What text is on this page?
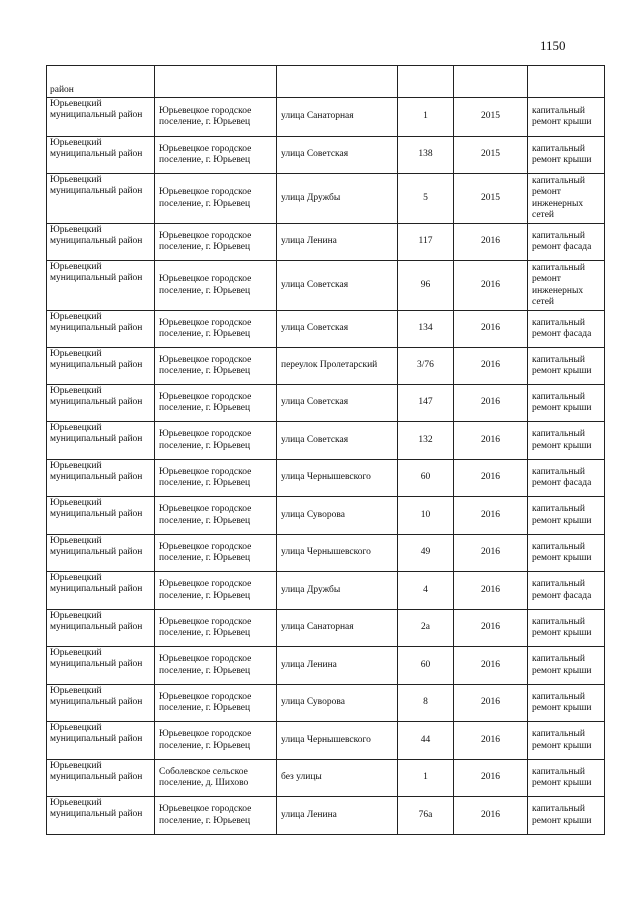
1150
район					
Юрьевецкий муниципальный район	Юрьевецкое городское поселение, г. Юрьевец	улица Санаторная	1	2015	капитальный ремонт крыши
Юрьевецкий муниципальный район	Юрьевецкое городское поселение, г. Юрьевец	улица Советская	138	2015	капитальный ремонт крыши
Юрьевецкий муниципальный район	Юрьевецкое городское поселение, г. Юрьевец	улица Дружбы	5	2015	капитальный ремонт инженерных сетей
Юрьевецкий муниципальный район	Юрьевецкое городское поселение, г. Юрьевец	улица Ленина	117	2016	капитальный ремонт фасада
Юрьевецкий муниципальный район	Юрьевецкое городское поселение, г. Юрьевец	улица Советская	96	2016	капитальный ремонт инженерных сетей
Юрьевецкий муниципальный район	Юрьевецкое городское поселение, г. Юрьевец	улица Советская	134	2016	капитальный ремонт фасада
Юрьевецкий муниципальный район	Юрьевецкое городское поселение, г. Юрьевец	переулок Пролетарский	3/76	2016	капитальный ремонт крыши
Юрьевецкий муниципальный район	Юрьевецкое городское поселение, г. Юрьевец	улица Советская	147	2016	капитальный ремонт крыши
Юрьевецкий муниципальный район	Юрьевецкое городское поселение, г. Юрьевец	улица Советская	132	2016	капитальный ремонт крыши
Юрьевецкий муниципальный район	Юрьевецкое городское поселение, г. Юрьевец	улица Чернышевского	60	2016	капитальный ремонт фасада
Юрьевецкий муниципальный район	Юрьевецкое городское поселение, г. Юрьевец	улица Суворова	10	2016	капитальный ремонт крыши
Юрьевецкий муниципальный район	Юрьевецкое городское поселение, г. Юрьевец	улица Чернышевского	49	2016	капитальный ремонт крыши
Юрьевецкий муниципальный район	Юрьевецкое городское поселение, г. Юрьевец	улица Дружбы	4	2016	капитальный ремонт фасада
Юрьевецкий муниципальный район	Юрьевецкое городское поселение, г. Юрьевец	улица Санаторная	2а	2016	капитальный ремонт крыши
Юрьевецкий муниципальный район	Юрьевецкое городское поселение, г. Юрьевец	улица Ленина	60	2016	капитальный ремонт крыши
Юрьевецкий муниципальный район	Юрьевецкое городское поселение, г. Юрьевец	улица Суворова	8	2016	капитальный ремонт крыши
Юрьевецкий муниципальный район	Юрьевецкое городское поселение, г. Юрьевец	улица Чернышевского	44	2016	капитальный ремонт крыши
Юрьевецкий муниципальный район	Соболевское сельское поселение, д. Шихово	без улицы	1	2016	капитальный ремонт крыши
Юрьевецкий муниципальный район	Юрьевецкое городское поселение, г. Юрьевец	улица Ленина	76а	2016	капитальный ремонт крыши
